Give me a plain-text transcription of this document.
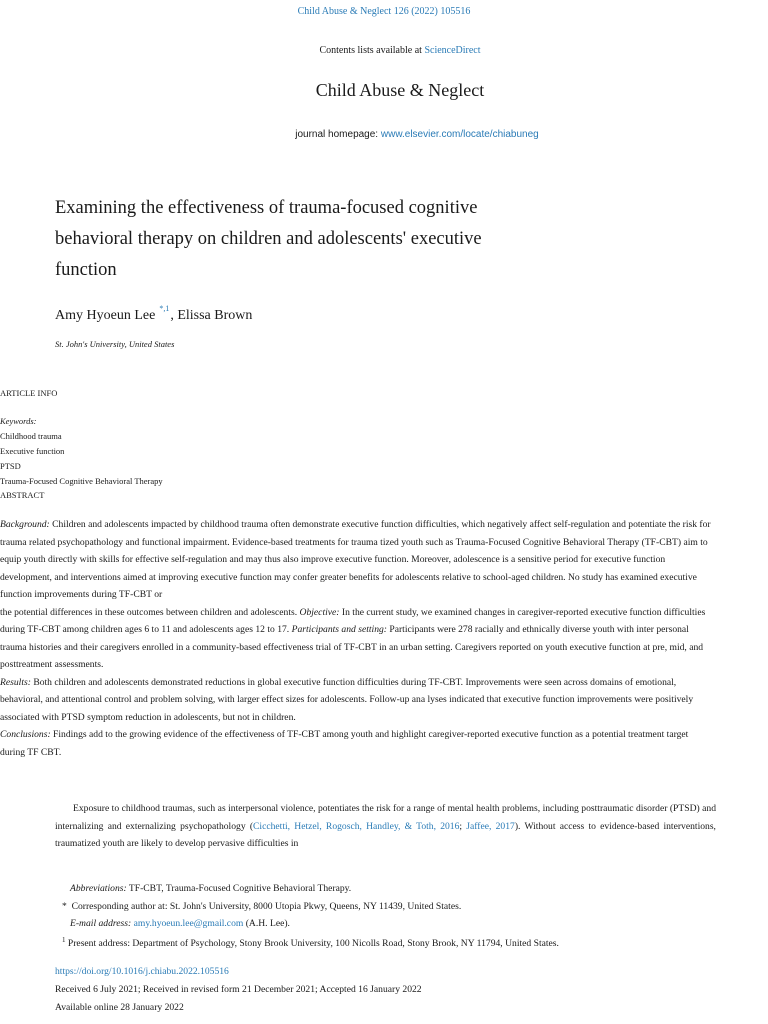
Child Abuse & Neglect 126 (2022) 105516
Contents lists available at ScienceDirect
Child Abuse & Neglect
journal homepage: www.elsevier.com/locate/chiabuneg
Examining the effectiveness of trauma-focused cognitive
behavioral therapy on children and adolescents' executive
function
Amy Hyoeun Lee $^{*,1}$, Elissa Brown
St. John's University, United States
ARTICLE INFO
Keywords:
Childhood trauma
Executive function
PTSD
Trauma-Focused Cognitive Behavioral Therapy
ABSTRACT

Background: Children and adolescents impacted by childhood trauma often demonstrate executive function difficulties, which negatively affect self-regulation and potentiate the risk for trauma related psychopathology and functional impairment. Evidence-based treatments for trauma tized youth such as Trauma-Focused Cognitive Behavioral Therapy (TF-CBT) aim to equip youth directly with skills for effective self-regulation and may thus also improve executive function. Moreover, adolescence is a sensitive period for executive function development, and interventions aimed at improving executive function may confer greater benefits for adolescents relative to school-aged children. No study has examined executive function improvements during TF-CBT or

the potential differences in these outcomes between children and adolescents. Objective: In the current study, we examined changes in caregiver-reported executive function difficulties during TF-CBT among children ages 6 to 11 and adolescents ages 12 to 17. Participants and setting: Participants were 278 racially and ethnically diverse youth with inter personal trauma histories and their caregivers enrolled in a community-based effectiveness trial of TF-CBT in an urban setting. Caregivers reported on youth executive function at pre, mid, and posttreatment assessments.

Results: Both children and adolescents demonstrated reductions in global executive function difficulties during TF-CBT. Improvements were seen across domains of emotional, behavioral, and attentional control and problem solving, with larger effect sizes for adolescents. Follow-up ana lyses indicated that executive function improvements were positively associated with PTSD symptom reduction in adolescents, but not in children.

Conclusions: Findings add to the growing evidence of the effectiveness of TF-CBT among youth and highlight caregiver-reported executive function as a potential treatment target during TF CBT.

Exposure to childhood traumas, such as interpersonal violence, potentiates the risk for a range of mental health problems, including posttraumatic disorder (PTSD) and internalizing and externalizing psychopathology (Cicchetti, Hetzel, Rogosch, Handley, & Toth, 2016; Jaffee, 2017). Without access to evidence-based interventions, traumatized youth are likely to develop pervasive difficulties in
Abbreviations: TF-CBT, Trauma-Focused Cognitive Behavioral Therapy.
* Corresponding author at: St. John's University, 8000 Utopia Pkwy, Queens, NY 11439, United States.
E-mail address: amy.hyoeun.lee@gmail.com (A.H. Lee).
$^1$ Present address: Department of Psychology, Stony Brook University, 100 Nicolls Road, Stony Brook, NY 11794, United States.
https://doi.org/10.1016/j.chiabu.2022.105516
Received 6 July 2021; Received in revised form 21 December 2021; Accepted 16 January 2022
Available online 28 January 2022
